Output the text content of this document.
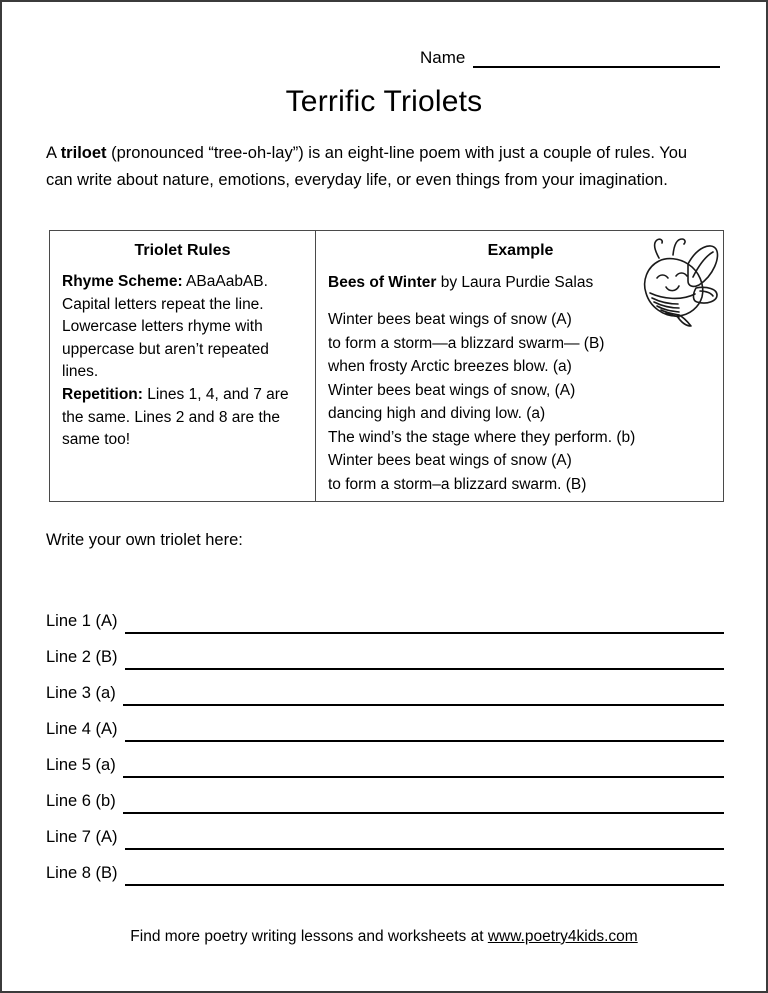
Name
Terrific Triolets
A triloet (pronounced “tree-oh-lay”) is an eight-line poem with just a couple of rules. You can write about nature, emotions, everyday life, or even things from your imagination.
Triolet Rules
Rhyme Scheme: ABaAabAB. Capital letters repeat the line. Lowercase letters rhyme with uppercase but aren’t repeated lines.
Repetition: Lines 1, 4, and 7 are the same. Lines 2 and 8 are the same too!
Example
Bees of Winter by Laura Purdie Salas
Winter bees beat wings of snow (A)
to form a storm—a blizzard swarm— (B)
when frosty Arctic breezes blow. (a)
Winter bees beat wings of snow, (A)
dancing high and diving low. (a)
The wind’s the stage where they perform. (b)
Winter bees beat wings of snow (A)
to form a storm–a blizzard swarm. (B)
Write your own triolet here:
Line 1 (A)
Line 2 (B)
Line 3 (a)
Line 4 (A)
Line 5 (a)
Line 6 (b)
Line 7 (A)
Line 8 (B)
Find more poetry writing lessons and worksheets at www.poetry4kids.com
